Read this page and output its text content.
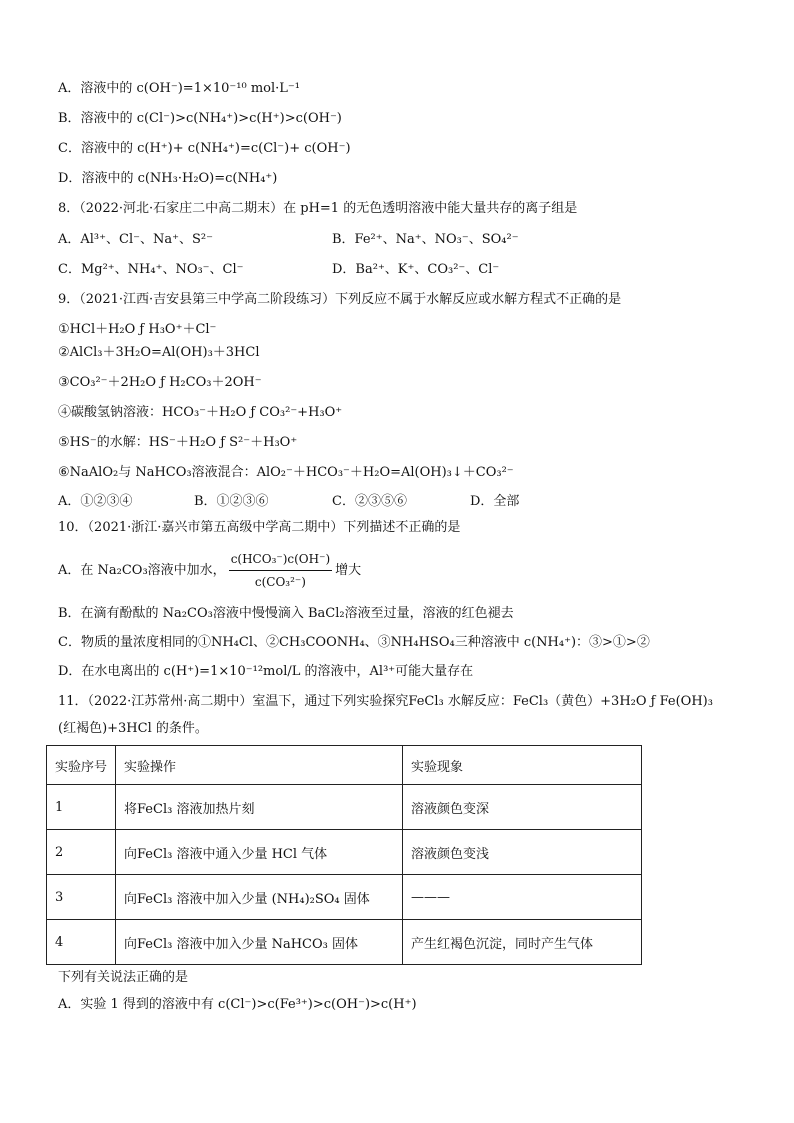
A．溶液中的 c(OH⁻)=1×10⁻¹⁰ mol·L⁻¹
B．溶液中的 c(Cl⁻)>c(NH₄⁺)>c(H⁺)>c(OH⁻)
C．溶液中的 c(H⁺)+ c(NH₄⁺)=c(Cl⁻)+ c(OH⁻)
D．溶液中的 c(NH₃·H₂O)=c(NH₄⁺)
8．（2022·河北·石家庄二中高二期末）在 pH=1 的无色透明溶液中能大量共存的离子组是
A．Al³⁺、Cl⁻、Na⁺、S²⁻	B．Fe²⁺、Na⁺、NO₃⁻、SO₄²⁻
C．Mg²⁺、NH₄⁺、NO₃⁻、Cl⁻	D．Ba²⁺、K⁺、CO₃²⁻、Cl⁻
9．（2021·江西·吉安县第三中学高二阶段练习）下列反应不属于水解反应或水解方程式不正确的是
①HCl＋H₂O ƒ H₃O⁺＋Cl⁻
②AlCl₃＋3H₂O=Al(OH)₃＋3HCl
③CO₃²⁻＋2H₂O ƒ H₂CO₃＋2OH⁻
④碳酸氢钠溶液：HCO₃⁻＋H₂O ƒ CO₃²⁻+H₃O⁺
⑤HS⁻的水解：HS⁻＋H₂O ƒ S²⁻＋H₃O⁺
⑥NaAlO₂与 NaHCO₃溶液混合：AlO₂⁻＋HCO₃⁻＋H₂O=Al(OH)₃↓＋CO₃²⁻
A．①②③④	B．①②③⑥	C．②③⑤⑥	D．全部
10．（2021·浙江·嘉兴市第五高级中学高二期中）下列描述不正确的是
A．在 Na₂CO₃溶液中加水， $\frac{\text{c(HCO₃⁻)c(OH⁻)}}{\text{c(CO₃²⁻)}}$ 增大
B．在滴有酚酞的 Na₂CO₃溶液中慢慢滴入 BaCl₂溶液至过量，溶液的红色褪去
C．物质的量浓度相同的①NH₄Cl、②CH₃COONH₄、③NH₄HSO₄三种溶液中 c(NH₄⁺)：③>①>②
D．在水电离出的 c(H⁺)=1×10⁻¹²mol/L 的溶液中，Al³⁺可能大量存在
11．（2022·江苏常州·高二期中）室温下，通过下列实验探究FeCl₃ 水解反应：FeCl₃（黄色）+3H₂O ƒ Fe(OH)₃
(红褐色)+3HCl 的条件。
实验序号	实验操作	实验现象
1	将FeCl₃ 溶液加热片刻	溶液颜色变深
2	向FeCl₃ 溶液中通入少量 HCl 气体	溶液颜色变浅
3	向FeCl₃ 溶液中加入少量 (NH₄)₂SO₄ 固体	———
4	向FeCl₃ 溶液中加入少量 NaHCO₃ 固体	产生红褐色沉淀，同时产生气体
下列有关说法正确的是
A．实验 1 得到的溶液中有 c(Cl⁻)>c(Fe³⁺)>c(OH⁻)>c(H⁺)
